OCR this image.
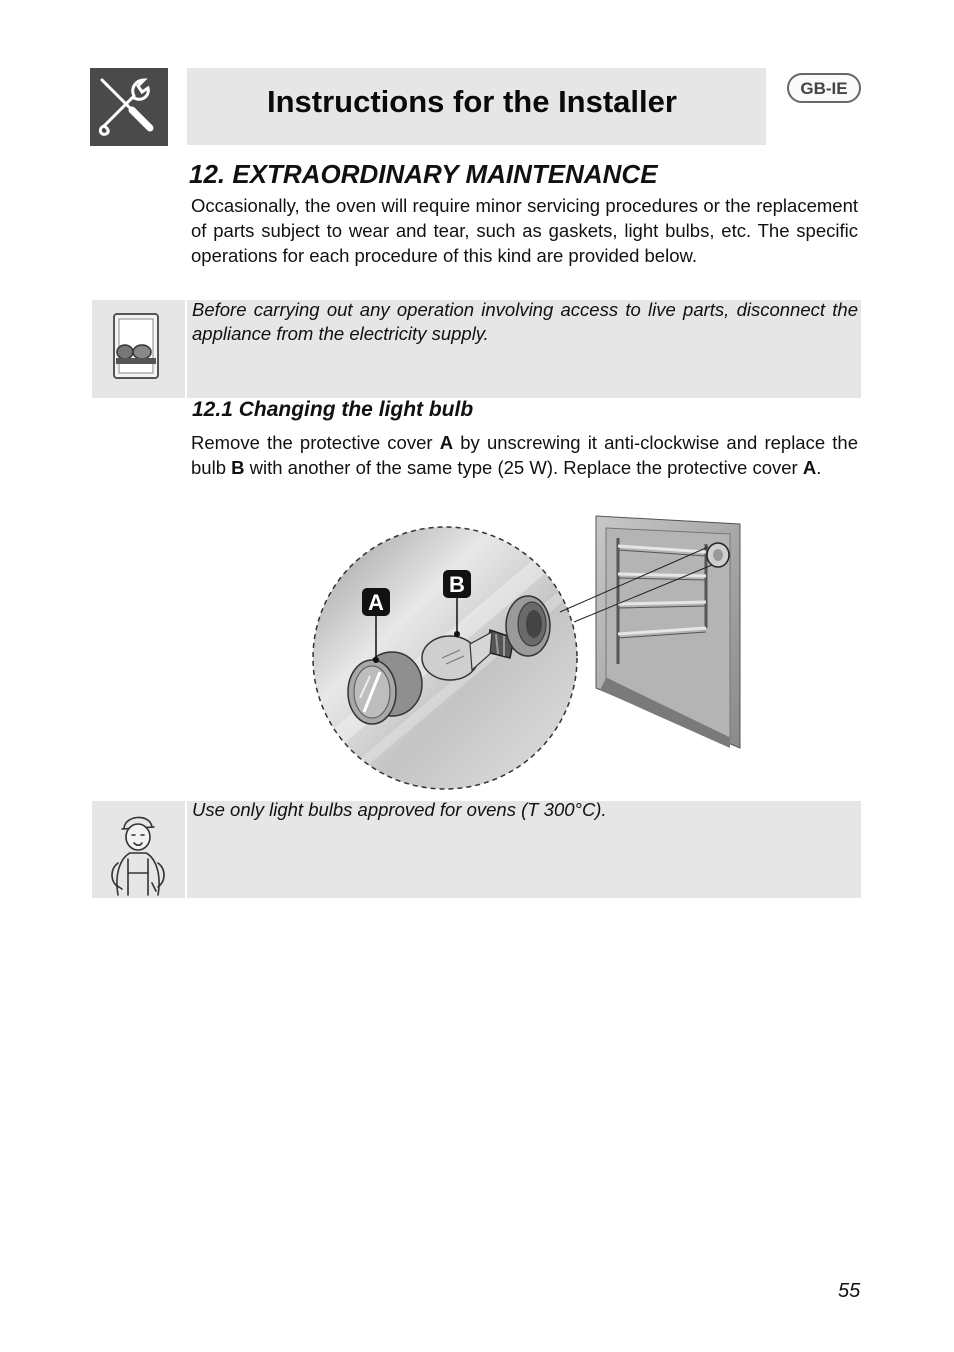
Instructions for the Installer	GB-IE
12. EXTRAORDINARY MAINTENANCE
Occasionally, the oven will require minor servicing procedures or the replacement of parts subject to wear and tear, such as gaskets, light bulbs, etc. The specific operations for each procedure of this kind are provided below.
Before carrying out any operation involving access to live parts, disconnect the appliance from the electricity supply.
12.1 Changing the light bulb
Remove the protective cover A by unscrewing it anti-clockwise and replace the bulb B with another of the same type (25 W). Replace the protective cover A.
A
B
Use only light bulbs approved for ovens (T 300°C).
55
